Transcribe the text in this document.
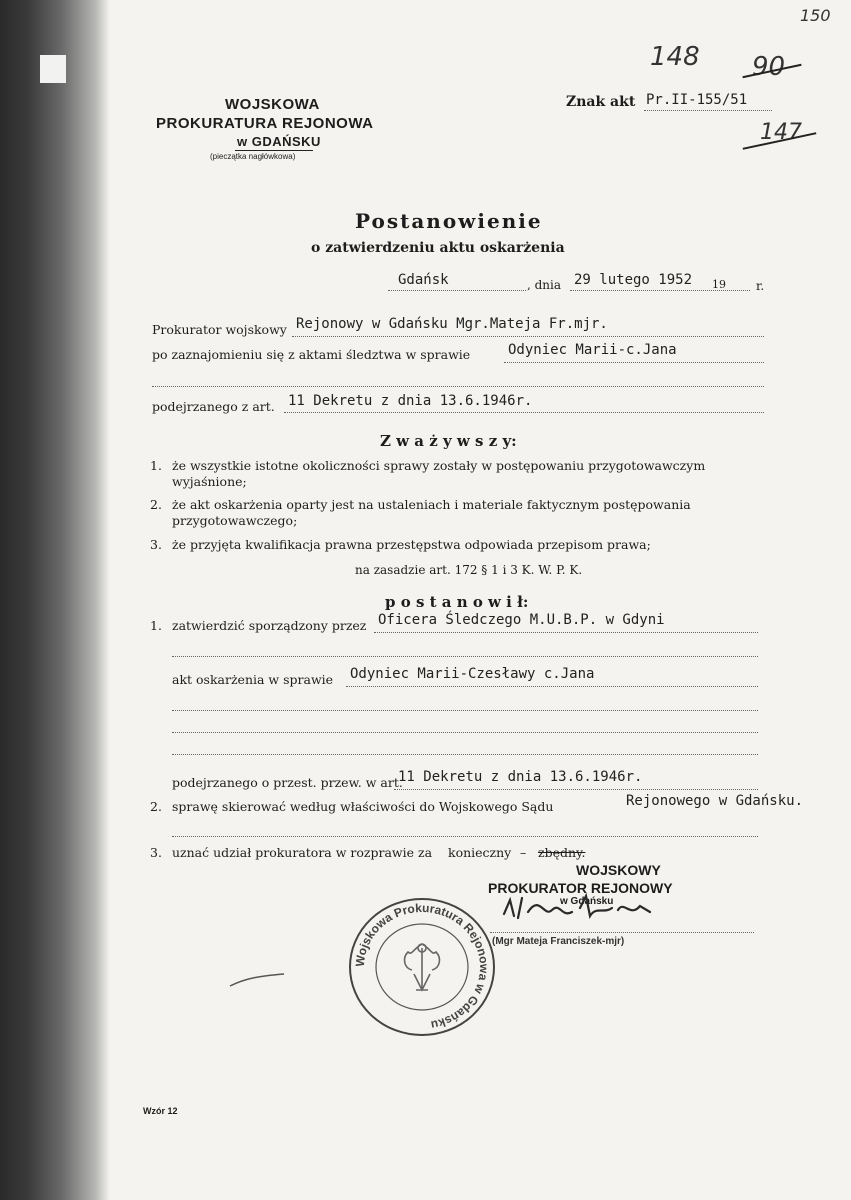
150
148 90
147
Znak akt Pr.II-155/51
WOJSKOWA
PROKURATURA REJONOWA
w GDAŃSKU
(pieczątka nagłówkowa)
Postanowienie
o zatwierdzeniu aktu oskarżenia
Gdańsk	, dnia 29 lutego 1952 19	r.
Prokurator wojskowy Rejonowy w Gdańsku Mgr.Mateja Fr.mjr.
po zaznajomieniu się z aktami śledztwa w sprawie	Odyniec Marii-c.Jana
podejrzanego z art. 11 Dekretu z dnia 13.6.1946r.
Z w a ż y w s z y:
1. że wszystkie istotne okoliczności sprawy zostały w postępowaniu przygotowawczym
wyjaśnione;
2. że akt oskarżenia oparty jest na ustaleniach i materiale faktycznym postępowania
przygotowawczego;
3. że przyjęta kwalifikacja prawna przestępstwa odpowiada przepisom prawa;
na zasadzie art. 172 § 1 i 3 K. W. P. K.
p o s t a n o w i ł:
1. zatwierdzić sporządzony przez Oficera Śledczego M.U.B.P. w Gdyni
akt oskarżenia w sprawie Odyniec Marii-Czesławy c.Jana
podejrzanego o przest. przew. w art.
11 Dekretu z dnia 13.6.1946r.
2. sprawę skierować według właściwości do Wojskowego Sądu	Rejonowego w Gdańsku.
3. uznać udział prokuratora w rozprawie za konieczny – zbędny.
WOJSKOWY
PROKURATOR REJONOWY
w Gdańsku
(Mgr Mateja Franciszek-mjr)
Wojskowa Prokuratura Rejonowa w Gdańsku
Wzór 12
